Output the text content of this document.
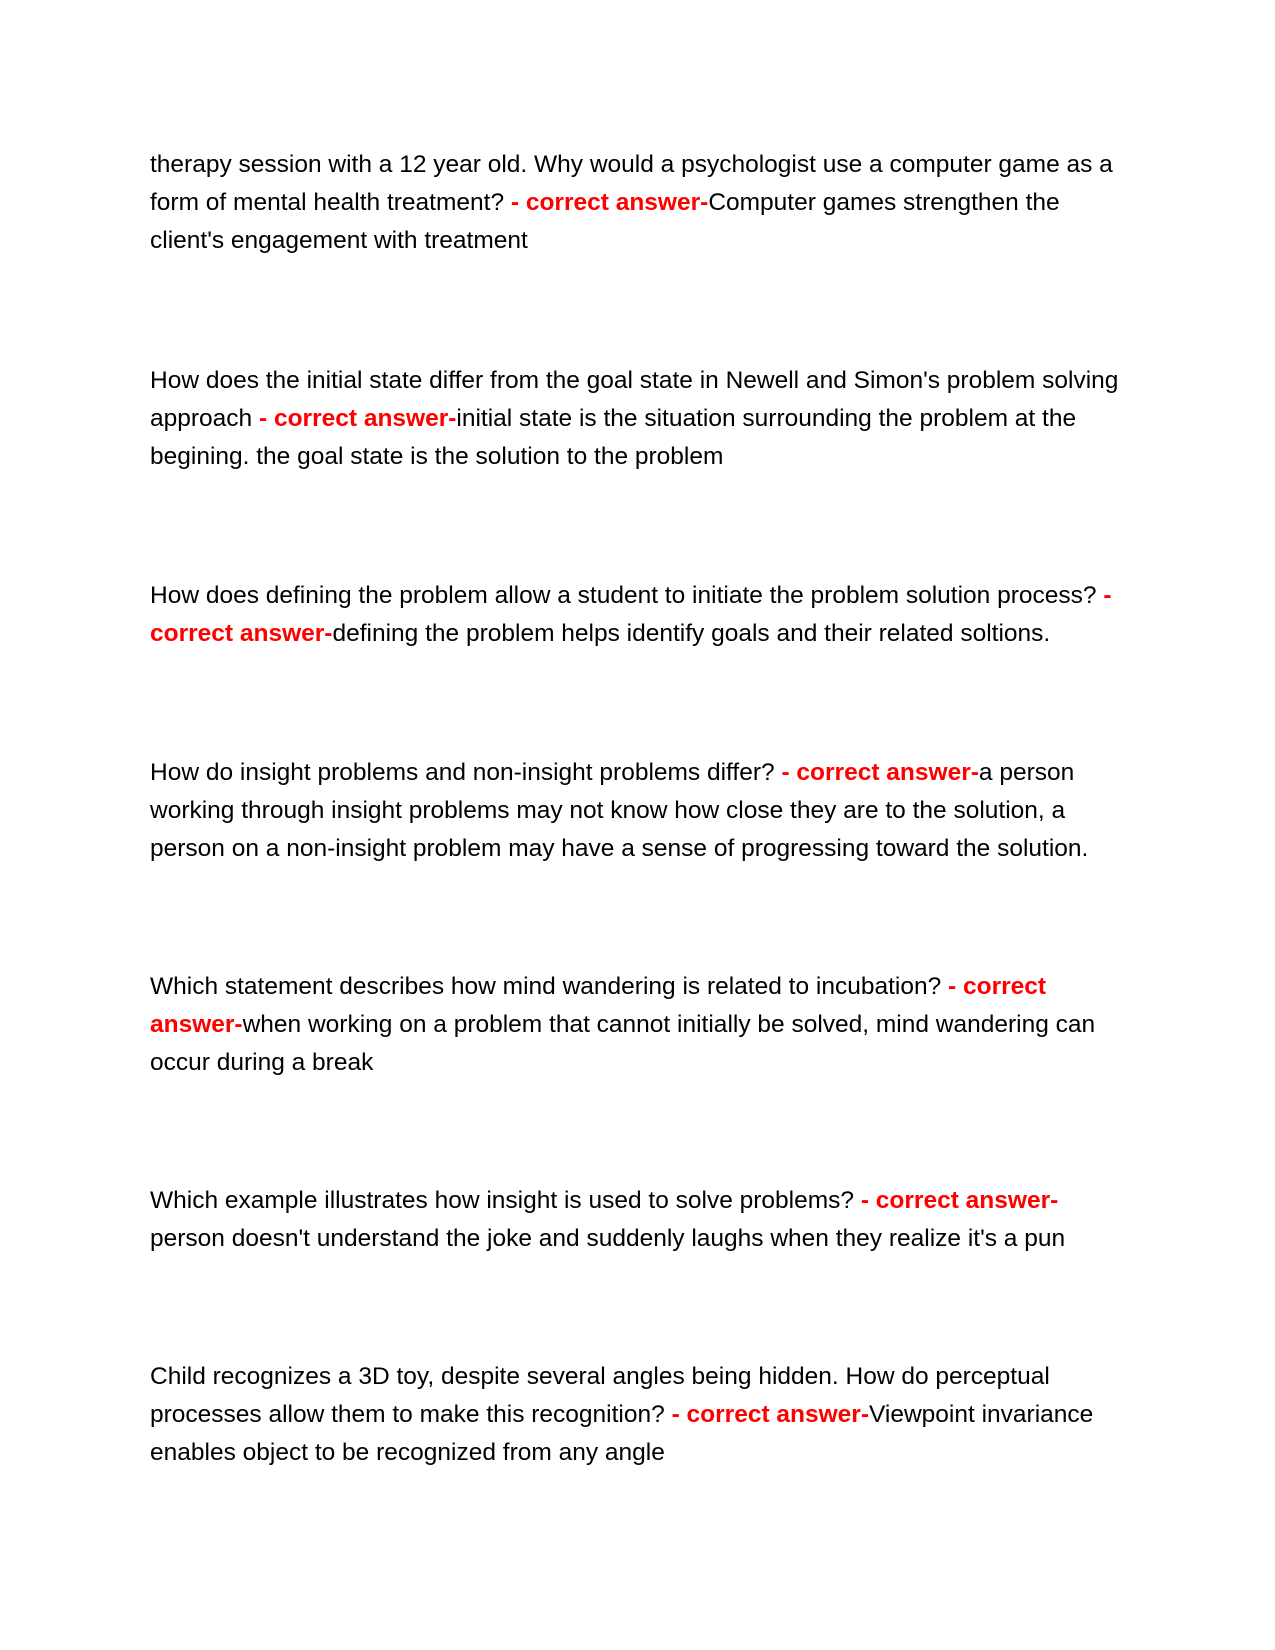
therapy session with a 12 year old. Why would a psychologist use a computer game as a form of mental health treatment? - correct answer-Computer games strengthen the client's engagement with treatment

How does the initial state differ from the goal state in Newell and Simon's problem solving approach - correct answer-initial state is the situation surrounding the problem at the begining. the goal state is the solution to the problem

How does defining the problem allow a student to initiate the problem solution process? - correct answer-defining the problem helps identify goals and their related soltions.

How do insight problems and non-insight problems differ? - correct answer-a person working through insight problems may not know how close they are to the solution, a person on a non-insight problem may have a sense of progressing toward the solution.

Which statement describes how mind wandering is related to incubation? - correct answer-when working on a problem that cannot initially be solved, mind wandering can occur during a break

Which example illustrates how insight is used to solve problems? - correct answer-person doesn't understand the joke and suddenly laughs when they realize it's a pun

Child recognizes a 3D toy, despite several angles being hidden. How do perceptual processes allow them to make this recognition? - correct answer-Viewpoint invariance enables object to be recognized from any angle
